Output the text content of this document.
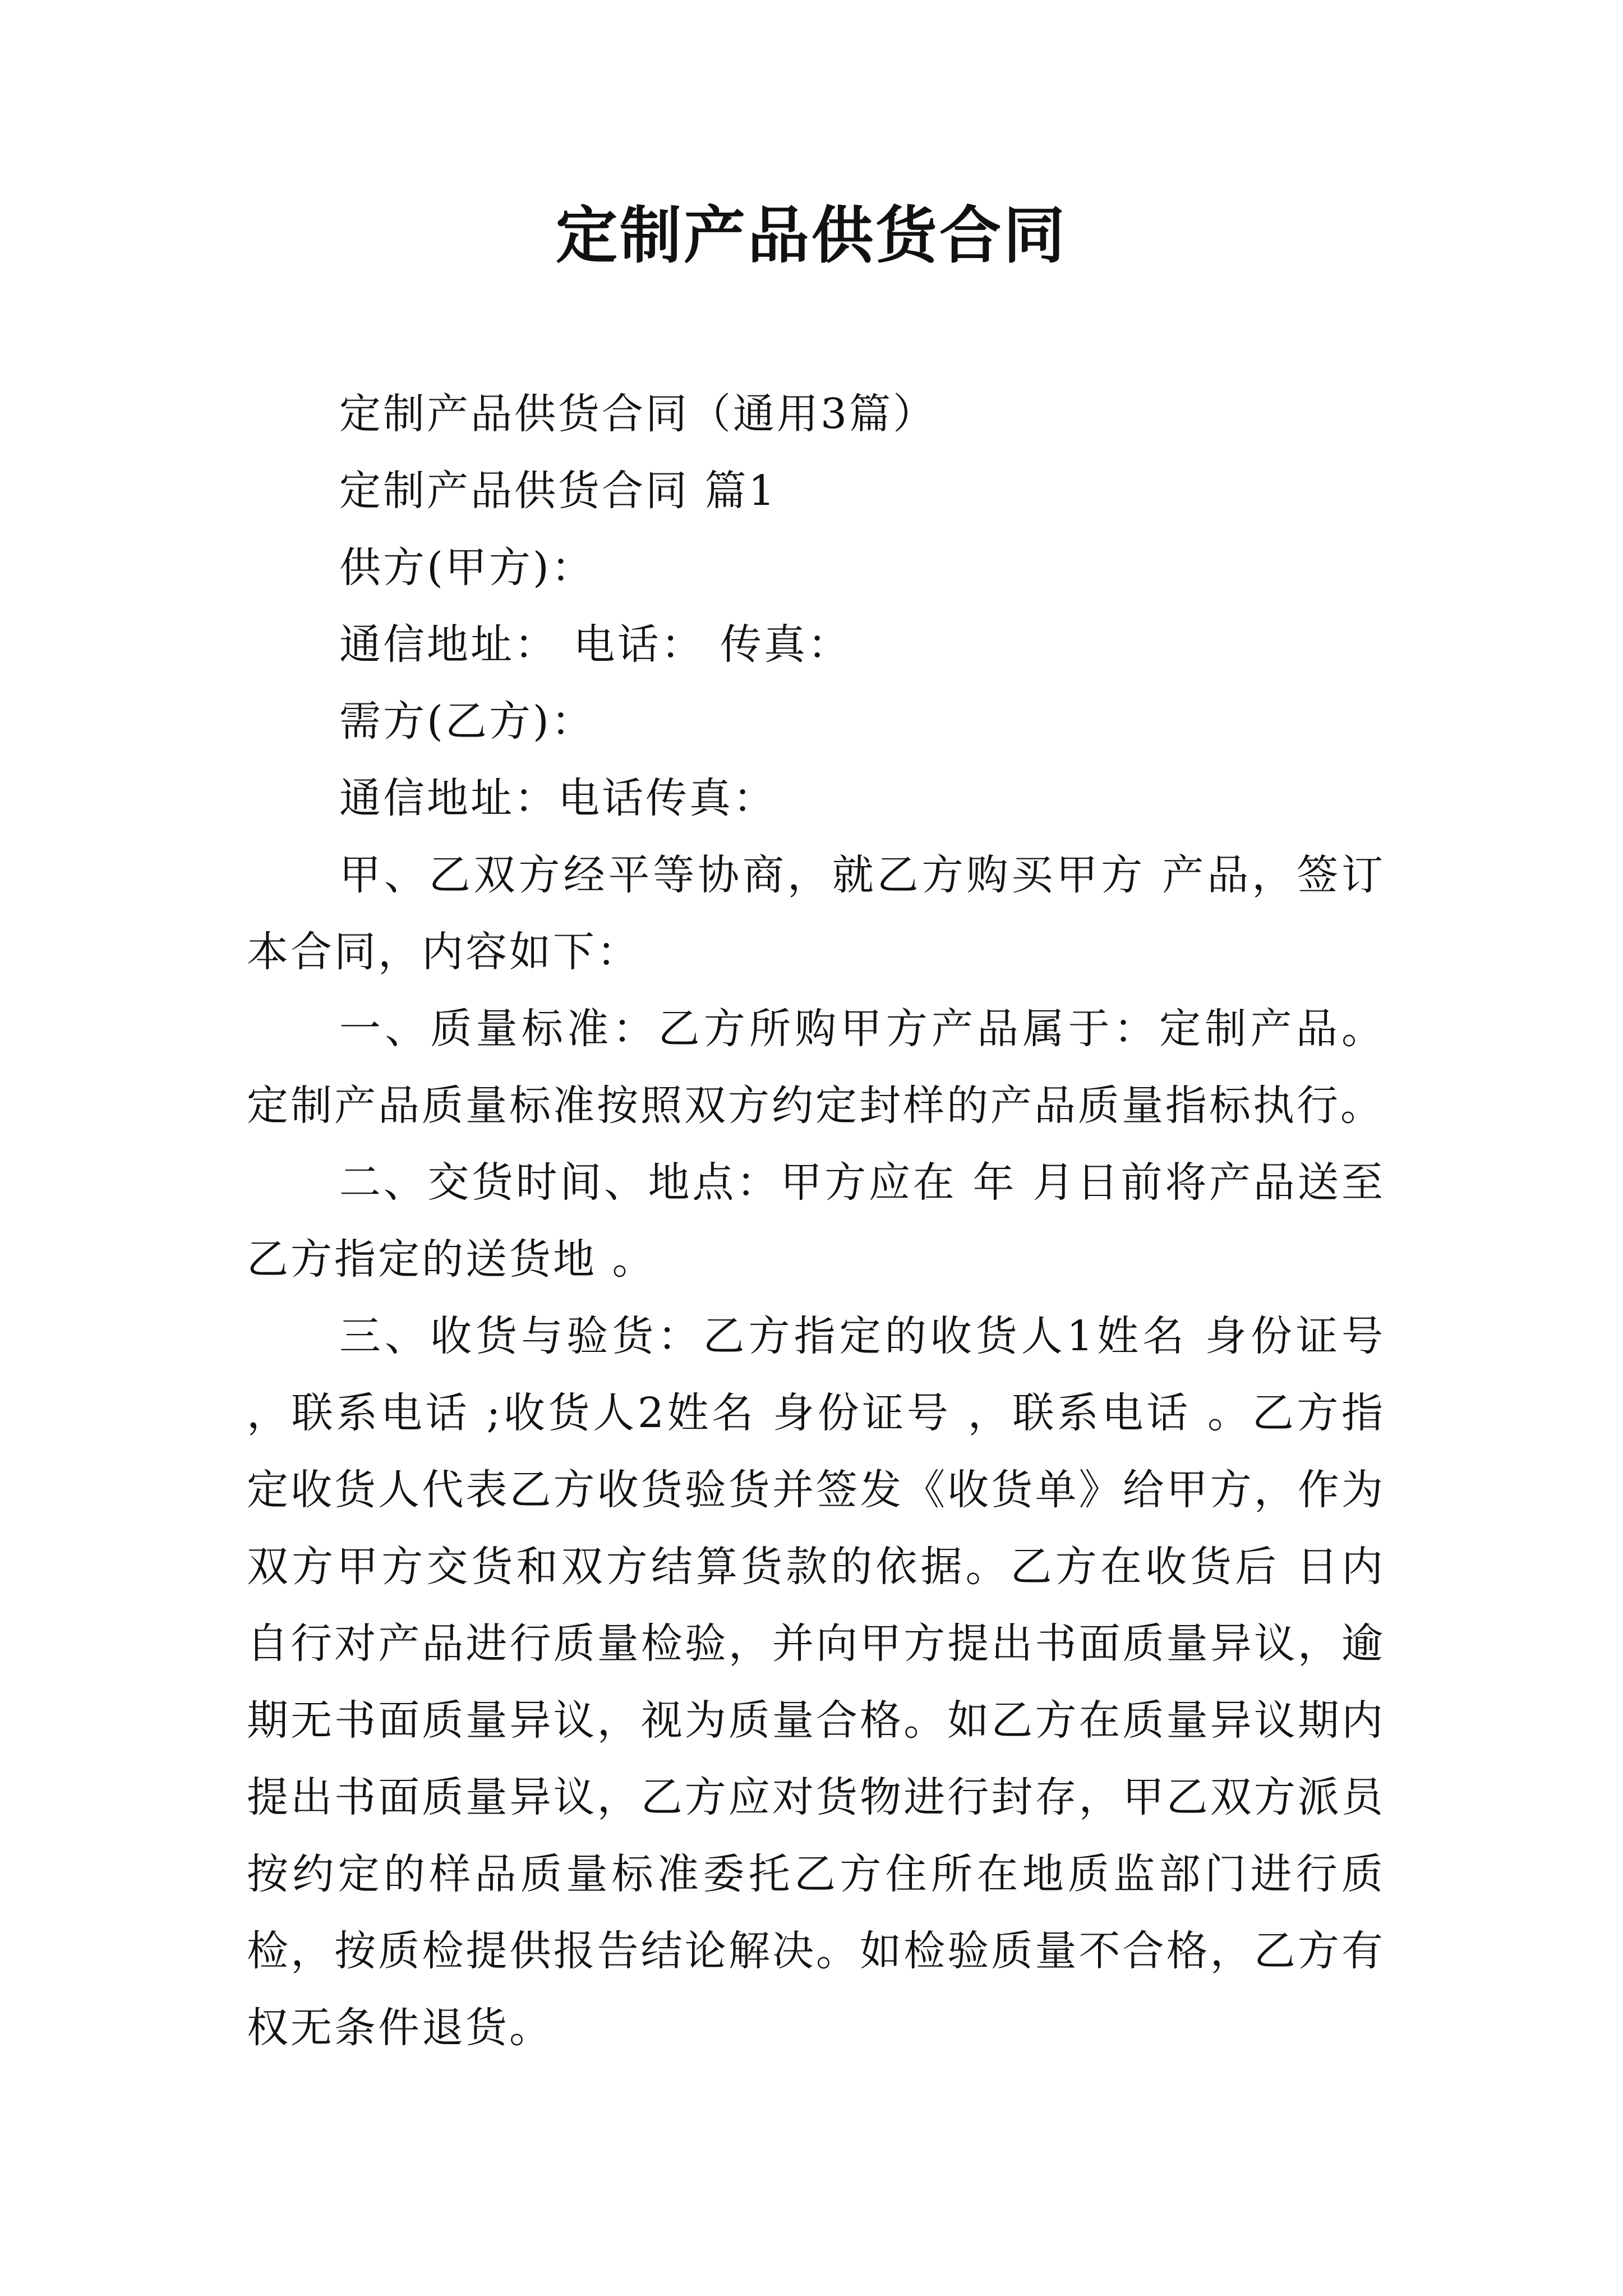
定制产品供货合同

定制产品供货合同（通用3篇）

定制产品供货合同 篇1

供方(甲方)：

通信地址： 电话： 传真：

需方(乙方)：

通信地址：电话传真：

甲、乙双方经平等协商，就乙方购买甲方 产品，签订本合同，内容如下：

一、质量标准：乙方所购甲方产品属于：定制产品。定制产品质量标准按照双方约定封样的产品质量指标执行。

二、交货时间、地点：甲方应在 年 月日前将产品送至乙方指定的送货地 。

三、收货与验货：乙方指定的收货人1姓名 身份证号 ，联系电话 ;收货人2姓名 身份证号 ，联系电话 。乙方指定收货人代表乙方收货验货并签发《收货单》给甲方，作为双方甲方交货和双方结算货款的依据。乙方在收货后 日内自行对产品进行质量检验，并向甲方提出书面质量异议，逾期无书面质量异议，视为质量合格。如乙方在质量异议期内提出书面质量异议，乙方应对货物进行封存，甲乙双方派员按约定的样品质量标准委托乙方住所在地质监部门进行质检，按质检提供报告结论解决。如检验质量不合格，乙方有权无条件退货。
